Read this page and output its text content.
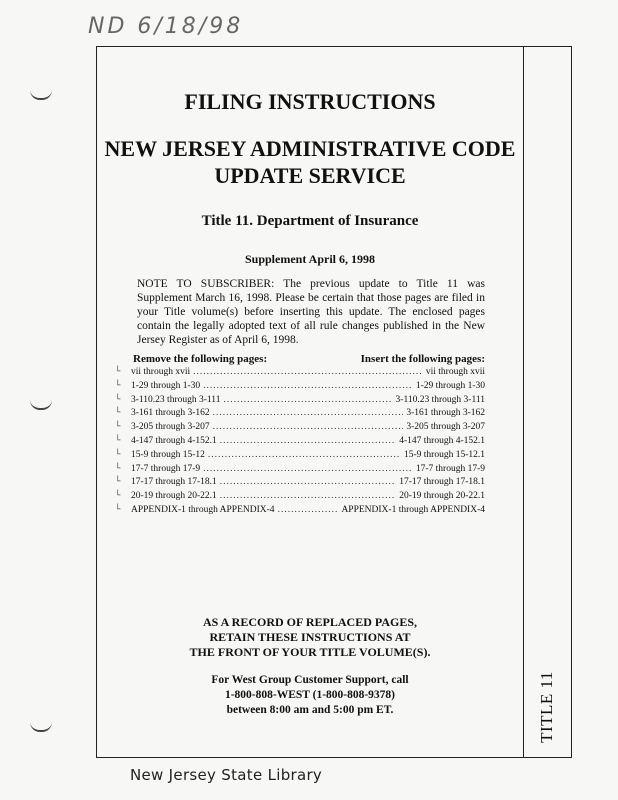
ND 6/18/98
TITLE 11
FILING INSTRUCTIONS
NEW JERSEY ADMINISTRATIVE CODE
UPDATE SERVICE
Title 11. Department of Insurance
Supplement April 6, 1998

NOTE TO SUBSCRIBER: The previous update to Title 11 was Supplement March 16, 1998. Please be certain that those pages are filed in your Title volume(s) before inserting this update. The enclosed pages contain the legally adopted text of all rule changes published in the New Jersey Register as of April 6, 1998.

Remove the following pages:	Insert the following pages:
└	vii through xvii .....	vii through xvii
└	1-29 through 1-30 .....	1-29 through 1-30
└	3-110.23 through 3-111 .....	3-110.23 through 3-111
└	3-161 through 3-162 .....	3-161 through 3-162
└	3-205 through 3-207 .....	3-205 through 3-207
└	4-147 through 4-152.1 .....	4-147 through 4-152.1
└	15-9 through 15-12 .....	15-9 through 15-12.1
└	17-7 through 17-9 .....	17-7 through 17-9
└	17-17 through 17-18.1 .....	17-17 through 17-18.1
└	20-19 through 20-22.1 .....	20-19 through 20-22.1
└	APPENDIX-1 through APPENDIX-4 .....	APPENDIX-1 through APPENDIX-4
AS A RECORD OF REPLACED PAGES,
RETAIN THESE INSTRUCTIONS AT
THE FRONT OF YOUR TITLE VOLUME(S).
For West Group Customer Support, call
1-800-808-WEST (1-800-808-9378)
between 8:00 am and 5:00 pm ET.
New Jersey State Library
